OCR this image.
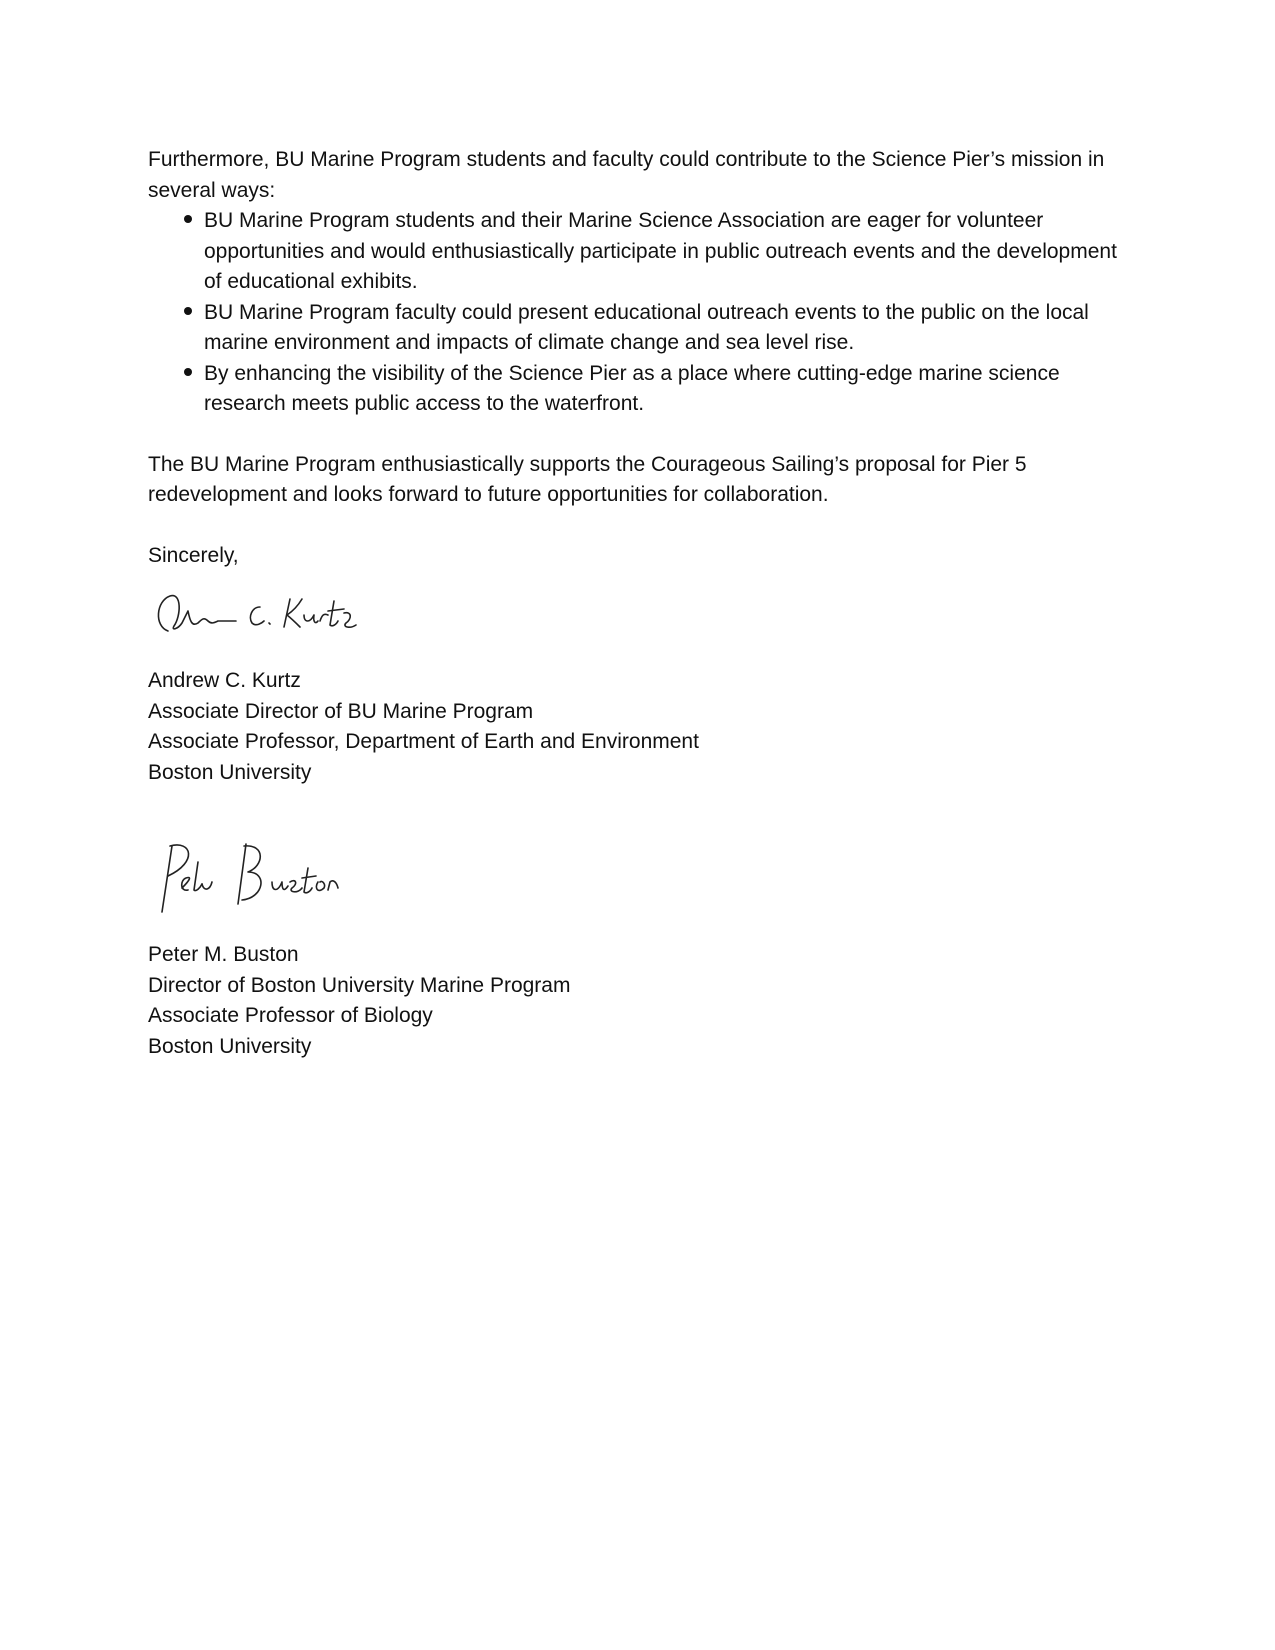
Furthermore, BU Marine Program students and faculty could contribute to the Science Pier’s mission in several ways:

BU Marine Program students and their Marine Science Association are eager for volunteer opportunities and would enthusiastically participate in public outreach events and the development of educational exhibits.
BU Marine Program faculty could present educational outreach events to the public on the local marine environment and impacts of climate change and sea level rise.
By enhancing the visibility of the Science Pier as a place where cutting-edge marine science research meets public access to the waterfront.

The BU Marine Program enthusiastically supports the Courageous Sailing’s proposal for Pier 5 redevelopment and looks forward to future opportunities for collaboration.

Sincerely,

Andrew C. Kurtz
Associate Director of BU Marine Program
Associate Professor, Department of Earth and Environment
Boston University
Peter M. Buston
Director of Boston University Marine Program
Associate Professor of Biology
Boston University
